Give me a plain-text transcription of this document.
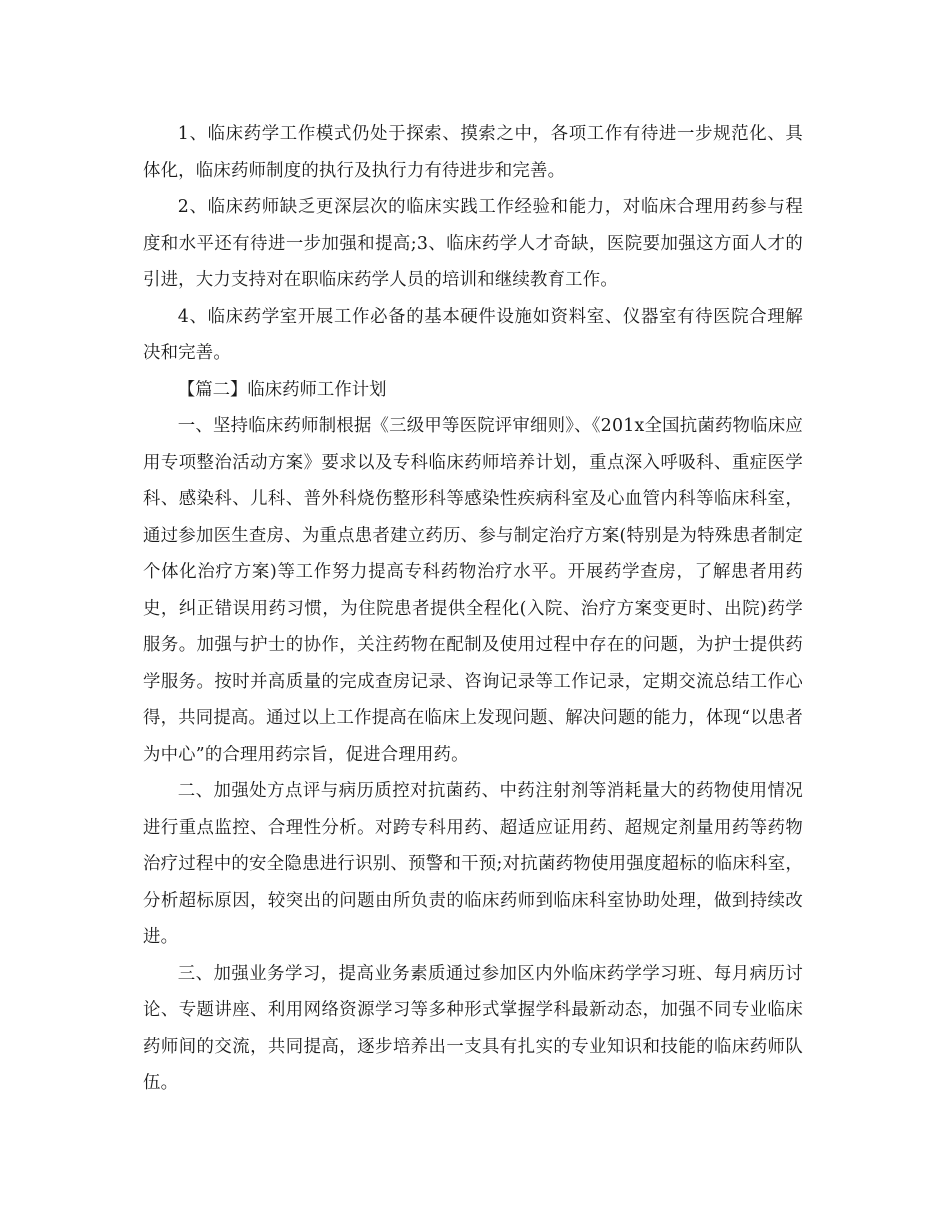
1、临床药学工作模式仍处于探索、摸索之中，各项工作有待进一步规范化、具体化，临床药师制度的执行及执行力有待进步和完善。

2、临床药师缺乏更深层次的临床实践工作经验和能力，对临床合理用药参与程度和水平还有待进一步加强和提高;3、临床药学人才奇缺，医院要加强这方面人才的引进，大力支持对在职临床药学人员的培训和继续教育工作。

4、临床药学室开展工作必备的基本硬件设施如资料室、仪器室有待医院合理解决和完善。

【篇二】临床药师工作计划

一、坚持临床药师制根据《三级甲等医院评审细则》、《201x全国抗菌药物临床应用专项整治活动方案》要求以及专科临床药师培养计划，重点深入呼吸科、重症医学科、感染科、儿科、普外科烧伤整形科等感染性疾病科室及心血管内科等临床科室，通过参加医生查房、为重点患者建立药历、参与制定治疗方案(特别是为特殊患者制定个体化治疗方案)等工作努力提高专科药物治疗水平。开展药学查房，了解患者用药史，纠正错误用药习惯，为住院患者提供全程化(入院、治疗方案变更时、出院)药学服务。加强与护士的协作，关注药物在配制及使用过程中存在的问题，为护士提供药学服务。按时并高质量的完成查房记录、咨询记录等工作记录，定期交流总结工作心得，共同提高。通过以上工作提高在临床上发现问题、解决问题的能力，体现“以患者为中心”的合理用药宗旨，促进合理用药。

二、加强处方点评与病历质控对抗菌药、中药注射剂等消耗量大的药物使用情况进行重点监控、合理性分析。对跨专科用药、超适应证用药、超规定剂量用药等药物治疗过程中的安全隐患进行识别、预警和干预;对抗菌药物使用强度超标的临床科室，分析超标原因，较突出的问题由所负责的临床药师到临床科室协助处理，做到持续改进。

三、加强业务学习，提高业务素质通过参加区内外临床药学学习班、每月病历讨论、专题讲座、利用网络资源学习等多种形式掌握学科最新动态，加强不同专业临床药师间的交流，共同提高，逐步培养出一支具有扎实的专业知识和技能的临床药师队伍。
